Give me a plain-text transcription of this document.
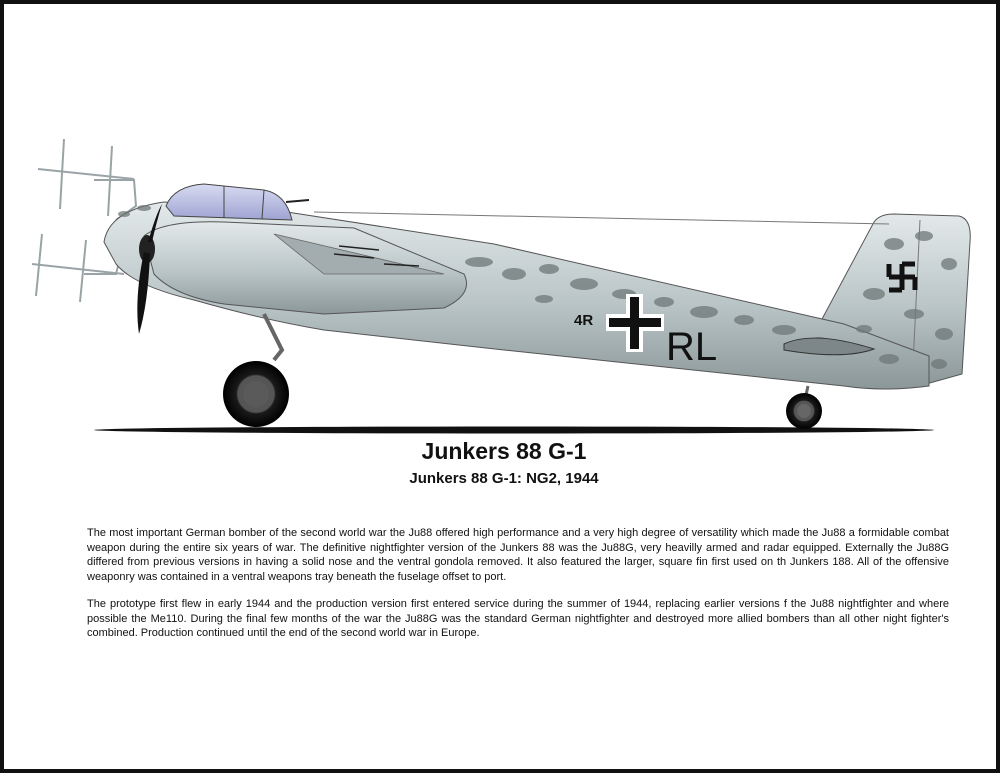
4R
RL
Junkers 88 G-1
Junkers 88 G-1: NG2, 1944

The most important German bomber of the second world war the Ju88 offered high performance and a very high degree of versatility which made the Ju88 a formidable combat weapon during the entire six years of war. The definitive nightfighter version of the Junkers 88 was the Ju88G, very heavilly armed and radar equipped. Externally the Ju88G differed from previous versions in having a solid nose and the ventral gondola removed. It also featured the larger, square fin first used on th Junkers 188. All of the offensive weaponry was contained in a ventral weapons tray beneath the fuselage offset to port.

The prototype first flew in early 1944 and the production version first entered service during the summer of 1944, replacing earlier versions f the Ju88 nightfighter and where possible the Me110. During the final few months of the war the Ju88G was the standard German nightfighter and destroyed more allied bombers than all other night fighter's combined. Production continued until the end of the second world war in Europe.
